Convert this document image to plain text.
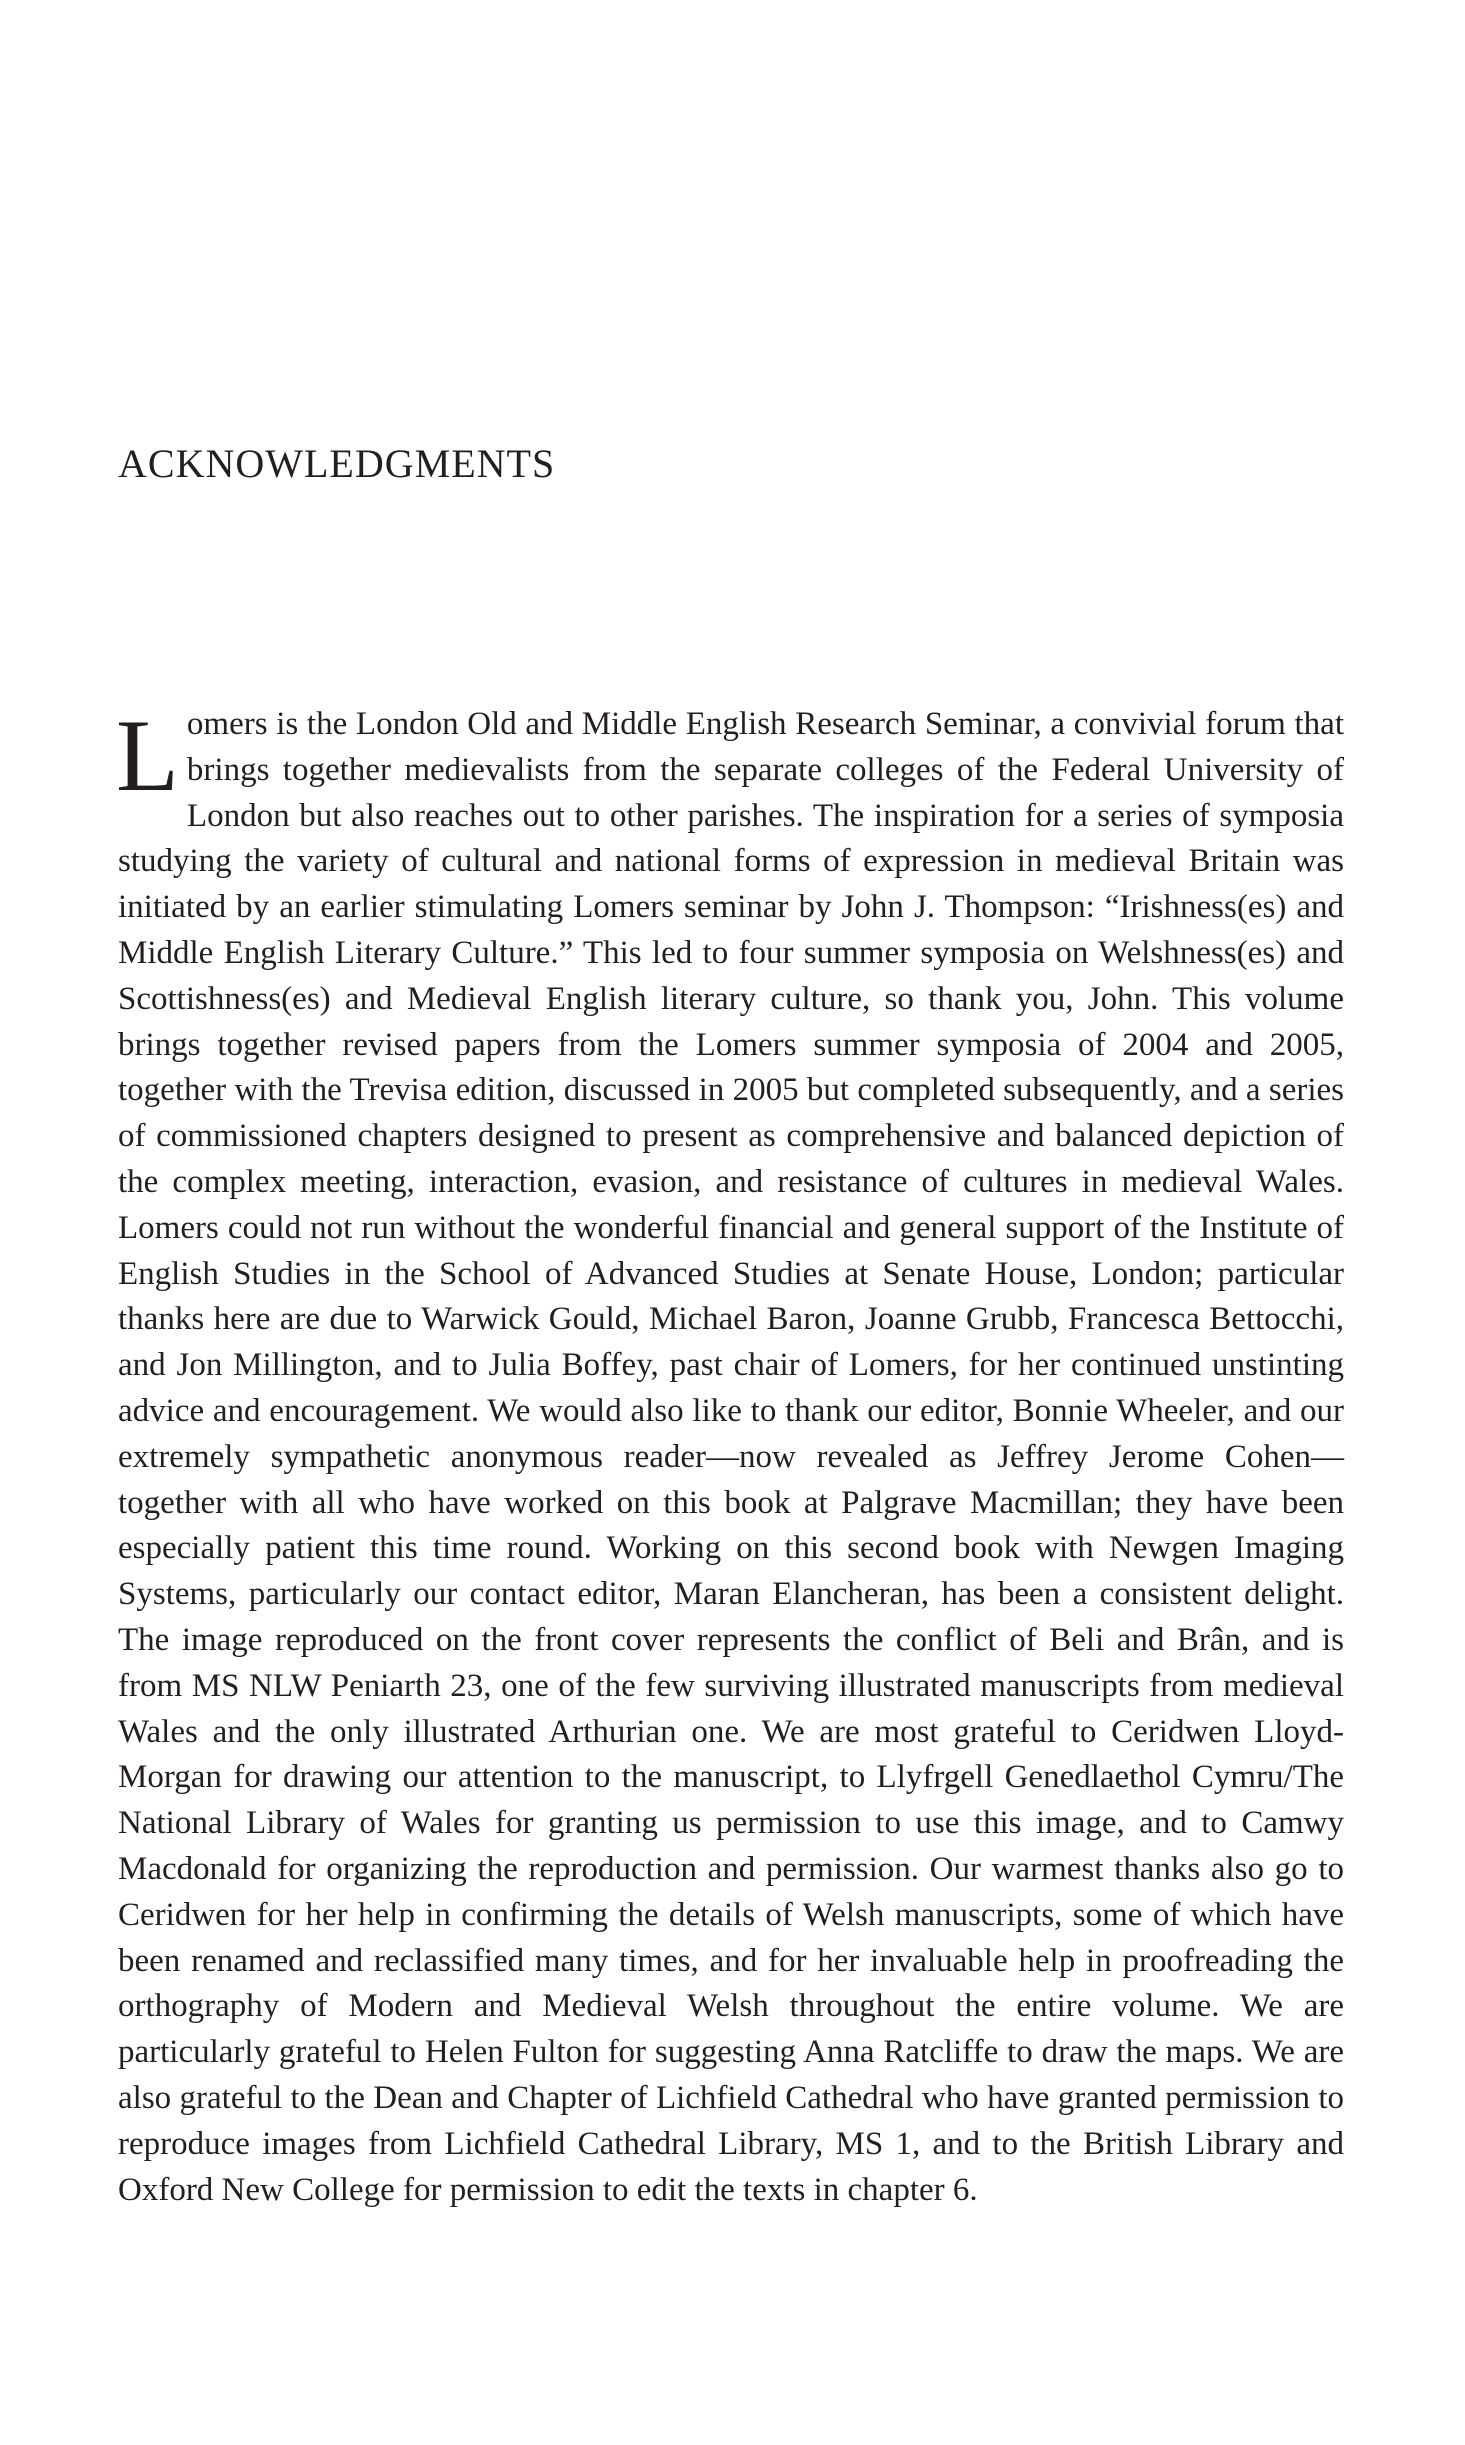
ACKNOWLEDGMENTS

Lomers is the London Old and Middle English Research Seminar, a convivial forum that brings together medievalists from the separate colleges of the Federal University of London but also reaches out to other parishes. The inspiration for a series of symposia studying the variety of cultural and national forms of expression in medieval Britain was initiated by an earlier stimulating Lomers seminar by John J. Thompson: “Irishness(es) and Middle English Literary Culture.” This led to four summer symposia on Welshness(es) and Scottishness(es) and Medieval English literary culture, so thank you, John. This volume brings together revised papers from the Lomers summer symposia of 2004 and 2005, together with the Trevisa edition, discussed in 2005 but completed subsequently, and a series of commissioned chapters designed to present as comprehensive and balanced depiction of the complex meeting, interaction, evasion, and resistance of cultures in medieval Wales. Lomers could not run without the wonderful financial and general support of the Institute of English Studies in the School of Advanced Studies at Senate House, London; particular thanks here are due to Warwick Gould, Michael Baron, Joanne Grubb, Francesca Bettocchi, and Jon Millington, and to Julia Boffey, past chair of Lomers, for her continued unstinting advice and encouragement. We would also like to thank our editor, Bonnie Wheeler, and our extremely sympathetic anonymous reader—now revealed as Jeffrey Jerome Cohen—together with all who have worked on this book at Palgrave Macmillan; they have been especially patient this time round. Working on this second book with Newgen Imaging Systems, particularly our contact editor, Maran Elancheran, has been a consistent delight. The image reproduced on the front cover represents the conflict of Beli and Brân, and is from MS NLW Peniarth 23, one of the few surviving illustrated manuscripts from medieval Wales and the only illustrated Arthurian one. We are most grateful to Ceridwen Lloyd-Morgan for drawing our attention to the manuscript, to Llyfrgell Genedlaethol Cymru/The National Library of Wales for granting us permission to use this image, and to Camwy Macdonald for organizing the reproduction and permission. Our warmest thanks also go to Ceridwen for her help in confirming the details of Welsh manuscripts, some of which have been renamed and reclassified many times, and for her invaluable help in proofreading the orthography of Modern and Medieval Welsh throughout the entire volume. We are particularly grateful to Helen Fulton for suggesting Anna Ratcliffe to draw the maps. We are also grateful to the Dean and Chapter of Lichfield Cathedral who have granted permission to reproduce images from Lichfield Cathedral Library, MS 1, and to the British Library and Oxford New College for permission to edit the texts in chapter 6.
